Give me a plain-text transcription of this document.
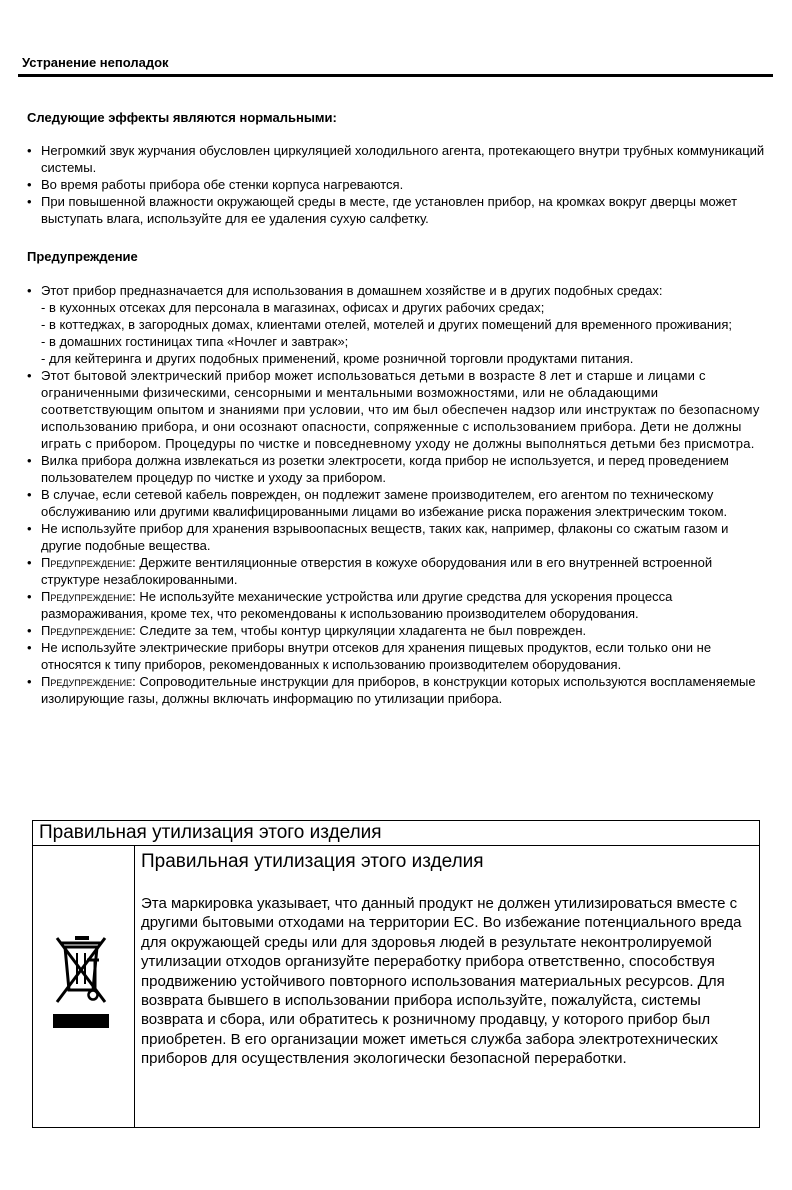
Устранение неполадок
Следующие эффекты являются нормальными:
• Негромкий звук журчания обусловлен циркуляцией холодильного агента, протекающего внутри трубных коммуникаций системы.
• Во время работы прибора обе стенки корпуса нагреваются.
• При повышенной влажности окружающей среды в месте, где установлен прибор, на кромках вокруг дверцы может выступать влага, используйте для ее удаления сухую салфетку.
Предупреждение
• Этот прибор предназначается для использования в домашнем хозяйстве и в других подобных средах:
- в кухонных отсеках для персонала в магазинах, офисах и других рабочих средах;
- в коттеджах, в загородных домах, клиентами отелей, мотелей и других помещений для временного проживания;
- в домашних гостиницах типа «Ночлег и завтрак»;
- для кейтеринга и других подобных применений, кроме розничной торговли продуктами питания.
• Этот бытовой электрический прибор может использоваться детьми в возрасте 8 лет и старше и лицами с ограниченными физическими, сенсорными и ментальными возможностями, или не обладающими соответствующим опытом и знаниями при условии, что им был обеспечен надзор или инструктаж по безопасному использованию прибора, и они осознают опасности, сопряженные с использованием прибора. Дети не должны играть с прибором. Процедуры по чистке и повседневному уходу не должны выполняться детьми без присмотра.
• Вилка прибора должна извлекаться из розетки электросети, когда прибор не используется, и перед проведением пользователем процедур по чистке и уходу за прибором.
• В случае, если сетевой кабель поврежден, он подлежит замене производителем, его агентом по техническому обслуживанию или другими квалифицированными лицами во избежание риска поражения электрическим током.
• Не используйте прибор для хранения взрывоопасных веществ, таких как, например, флаконы со сжатым газом и другие подобные вещества.
• Предупреждение: Держите вентиляционные отверстия в кожухе оборудования или в его внутренней встроенной структуре незаблокированными.
• Предупреждение: Не используйте механические устройства или другие средства для ускорения процесса размораживания, кроме тех, что рекомендованы к использованию производителем оборудования.
• Предупреждение: Следите за тем, чтобы контур циркуляции хладагента не был поврежден.
• Не используйте электрические приборы внутри отсеков для хранения пищевых продуктов, если только они не относятся к типу приборов, рекомендованных к использованию производителем оборудования.
• Предупреждение: Сопроводительные инструкции для приборов, в конструкции которых используются воспламеняемые изолирующие газы, должны включать информацию по утилизации прибора.
Правильная утилизация этого изделия
Правильная утилизация этого изделия

Эта маркировка указывает, что данный продукт не должен утилизироваться вместе с другими бытовыми отходами на территории ЕС. Во избежание потенциального вреда для окружающей среды или для здоровья людей в результате неконтролируемой утилизации отходов организуйте переработку прибора ответственно, способствуя продвижению устойчивого повторного использования материальных ресурсов. Для возврата бывшего в использовании прибора используйте, пожалуйста, системы возврата и сбора, или обратитесь к розничному продавцу, у которого прибор был приобретен. В его организации может иметься служба забора электротехнических приборов для осуществления экологически безопасной переработки.
